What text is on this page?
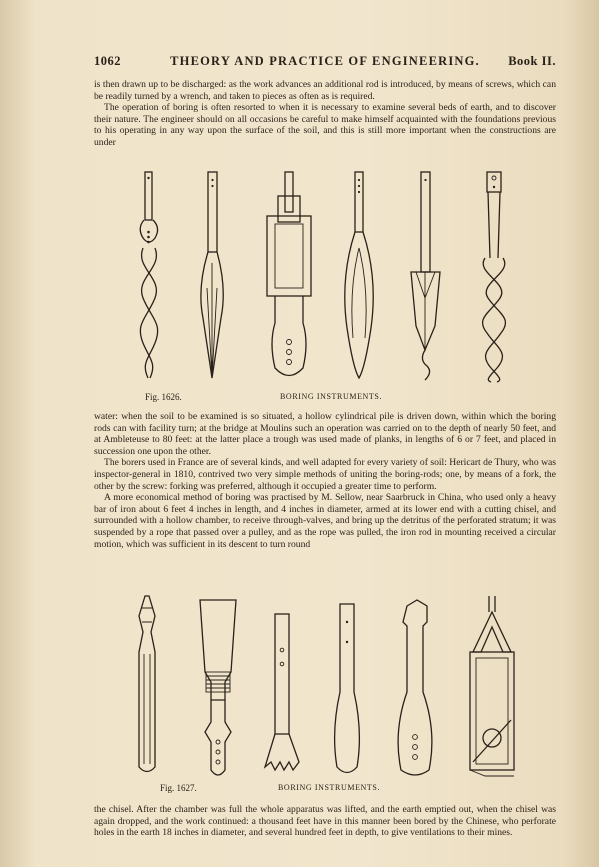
1062	THEORY AND PRACTICE OF ENGINEERING.	Book II.

is then drawn up to be discharged: as the work advances an additional rod is introduced, by means of screws, which can be readily turned by a wrench, and taken to pieces as often as is required.

The operation of boring is often resorted to when it is necessary to examine several beds of earth, and to discover their nature. The engineer should on all occasions be careful to make himself acquainted with the foundations previous to his operating in any way upon the surface of the soil, and this is still more important when the constructions are under

Fig. 1626.	BORING INSTRUMENTS.

water: when the soil to be examined is so situated, a hollow cylindrical pile is driven down, within which the boring rods can with facility turn; at the bridge at Moulins such an operation was carried on to the depth of nearly 50 feet, and at Ambleteuse to 80 feet: at the latter place a trough was used made of planks, in lengths of 6 or 7 feet, and placed in succession one upon the other.

The borers used in France are of several kinds, and well adapted for every variety of soil: Hericart de Thury, who was inspector-general in 1810, contrived two very simple methods of uniting the boring-rods; one, by means of a fork, the other by the screw: forking was preferred, although it occupied a greater time to perform.

A more economical method of boring was practised by M. Sellow, near Saarbruck in China, who used only a heavy bar of iron about 6 feet 4 inches in length, and 4 inches in diameter, armed at its lower end with a cutting chisel, and surrounded with a hollow chamber, to receive through-valves, and bring up the detritus of the perforated stratum; it was suspended by a rope that passed over a pulley, and as the rope was pulled, the iron rod in mounting received a circular motion, which was sufficient in its descent to turn round

Fig. 1627.	BORING INSTRUMENTS.

the chisel. After the chamber was full the whole apparatus was lifted, and the earth emptied out, when the chisel was again dropped, and the work continued: a thousand feet have in this manner been bored by the Chinese, who perforate holes in the earth 18 inches in diameter, and several hundred feet in depth, to give ventilations to their mines.
